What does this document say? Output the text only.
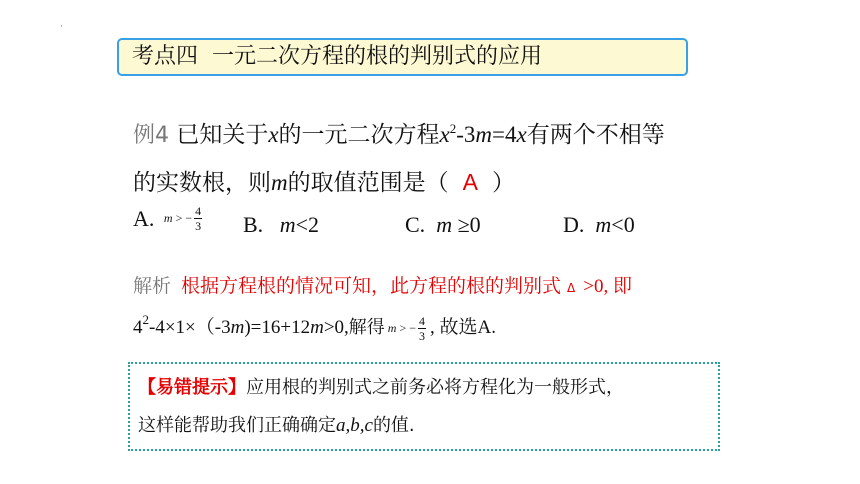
·
考点四 一元二次方程的根的判别式的应用
例4 已知关于x的一元二次方程$x^2-3m=4x$有两个不相等
的实数根，则m的取值范围是（ A ）
A. m > − $\frac{4}{3} B$. m<2	C. m ≥0	D. m<0
解析 根据方程根的情况可知，此方程的根的判别式 Δ >0, 即
$4^2-4\times 1\times(-3m)=16+12m>0$,解得 m > − $\frac{4}{3}$ , 故选A.
【易错提示】应用根的判别式之前务必将方程化为一般形式，
这样能帮助我们正确确定a,b,c的值.
